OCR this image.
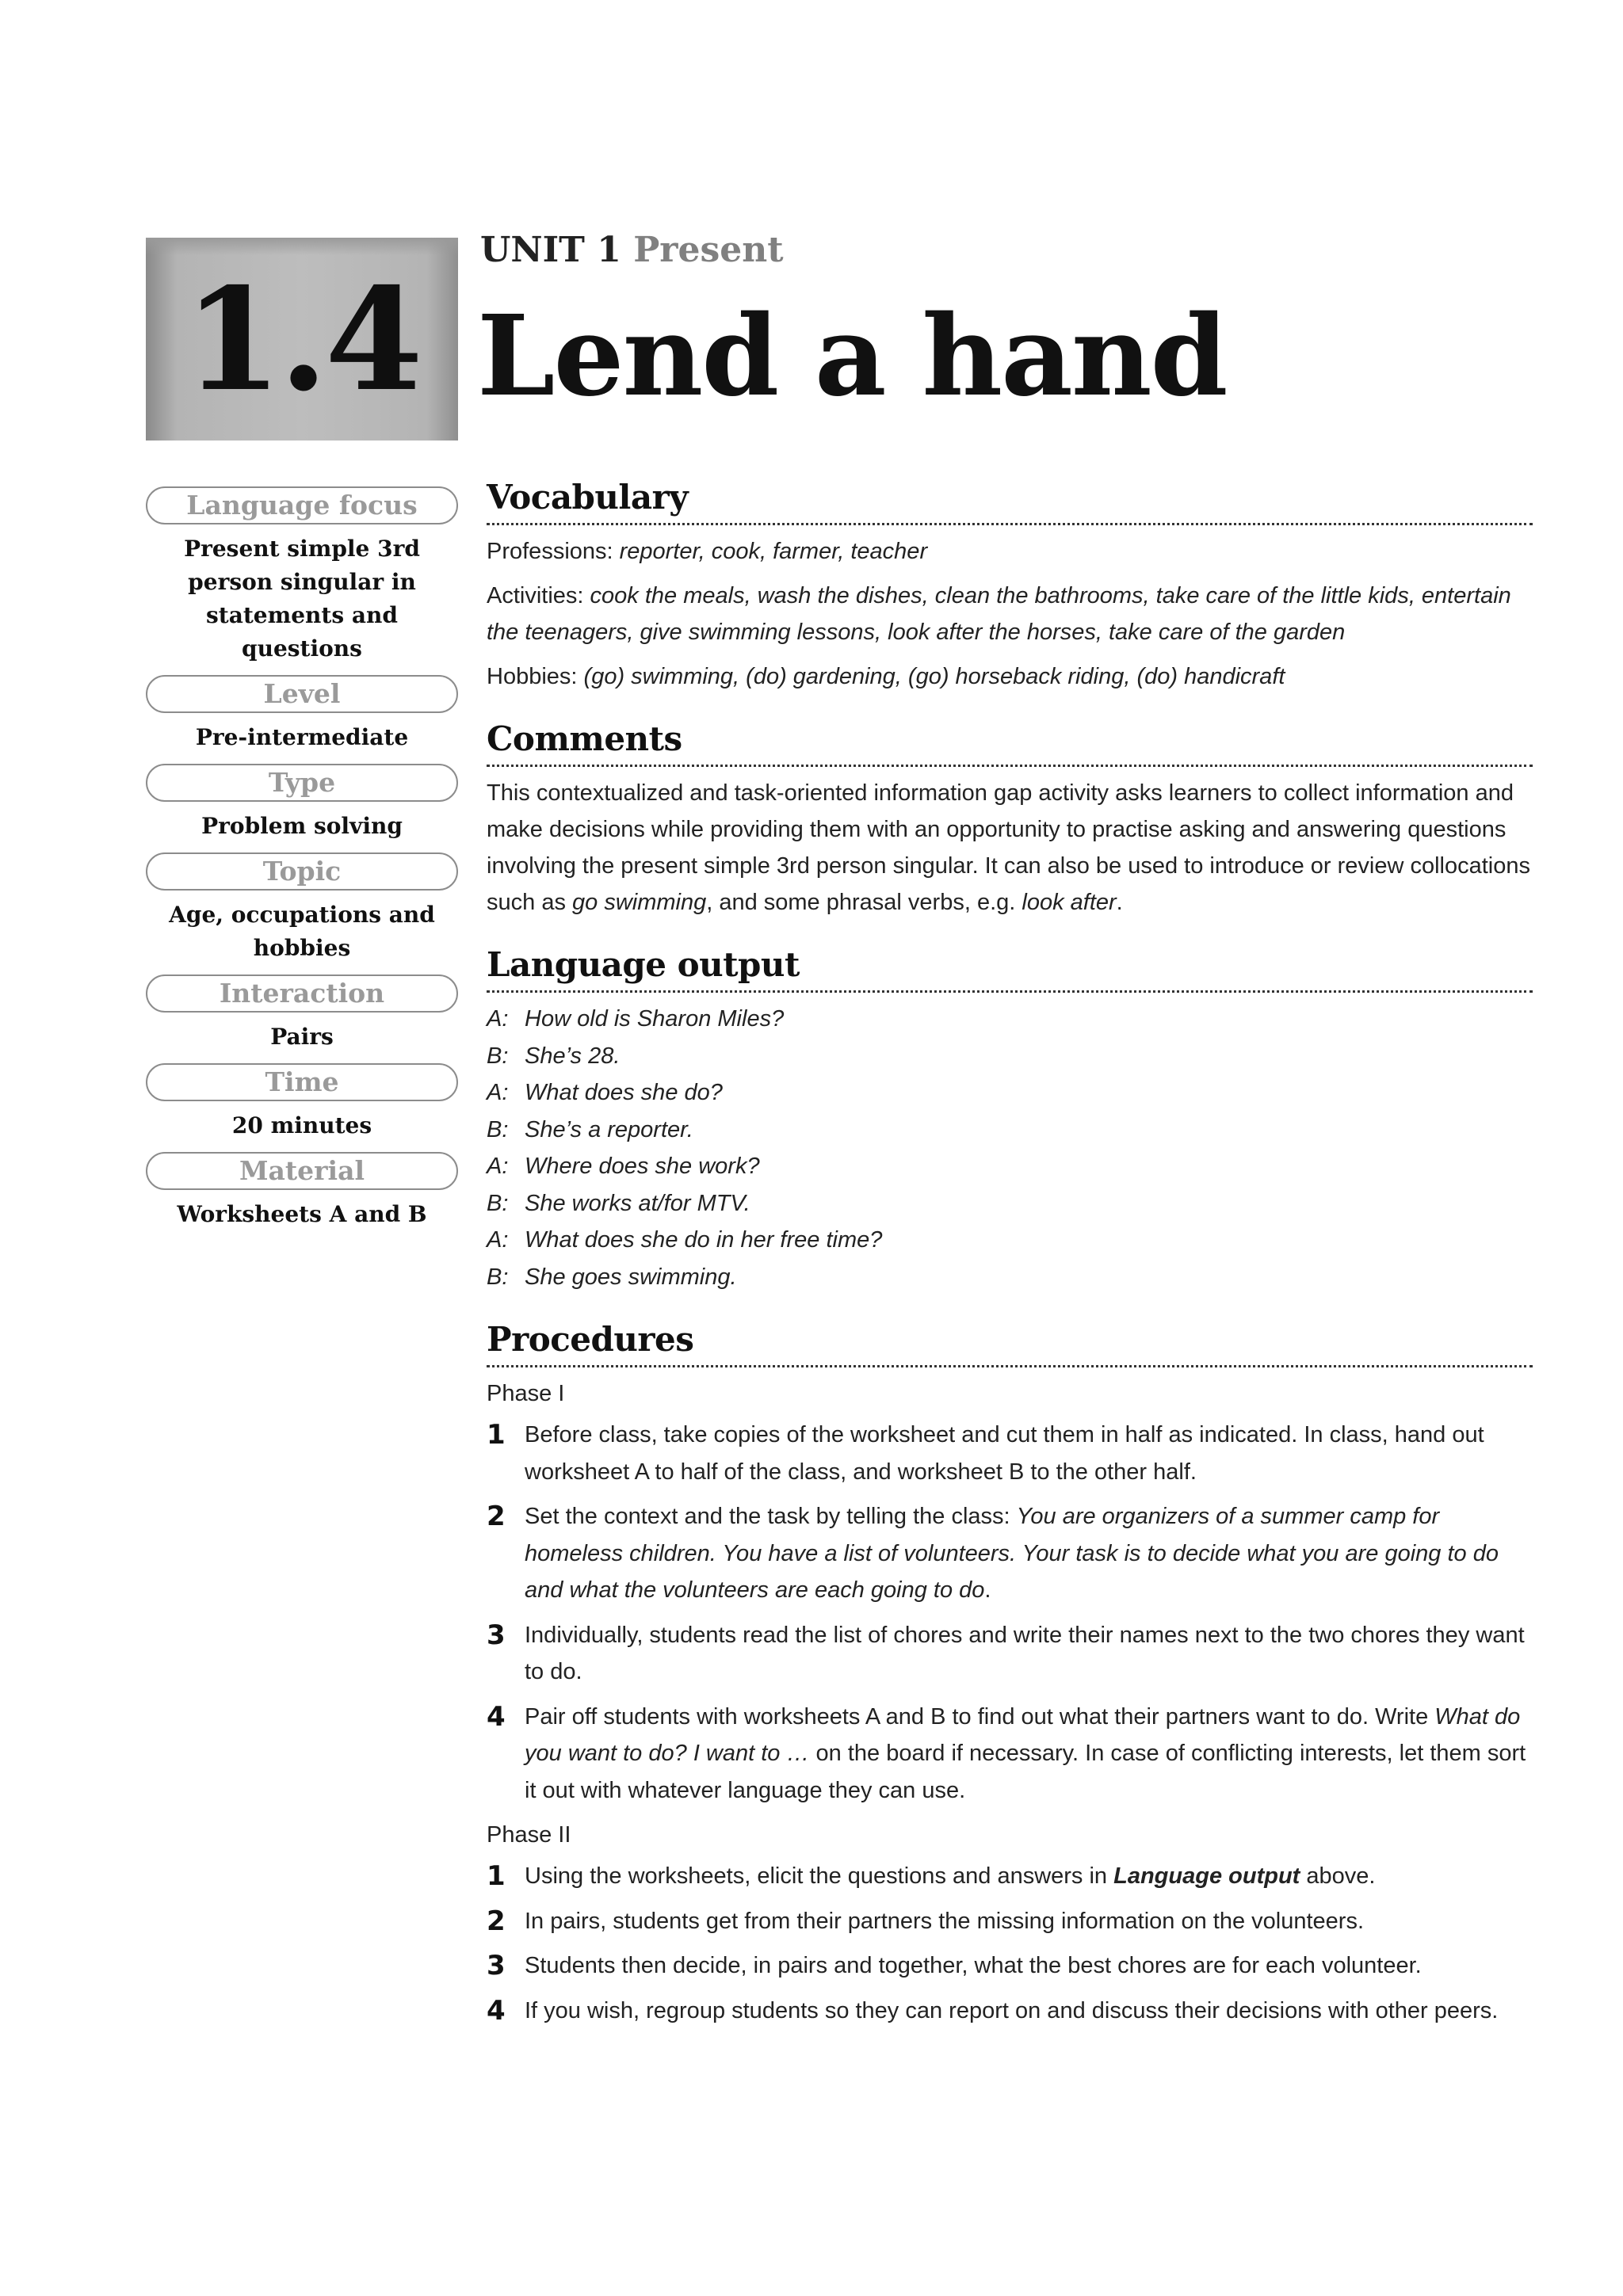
1.4
UNIT 1 Present
Lend a hand
Language focus
Present simple 3rd person singular in statements and questions
Level
Pre-intermediate
Type
Problem solving
Topic
Age, occupations and hobbies
Interaction
Pairs
Time
20 minutes
Material
Worksheets A and B
Vocabulary

Professions: reporter, cook, farmer, teacher

Activities: cook the meals, wash the dishes, clean the bathrooms, take care of the little kids, entertain the teenagers, give swimming lessons, look after the horses, take care of the garden

Hobbies: (go) swimming, (do) gardening, (go) horseback riding, (do) handicraft

Comments

This contextualized and task-oriented information gap activity asks learners to collect information and make decisions while providing them with an opportunity to practise asking and answering questions involving the present simple 3rd person singular. It can also be used to introduce or review collocations such as go swimming, and some phrasal verbs, e.g. look after.

Language output
A: How old is Sharon Miles?
B: She’s 28.
A: What does she do?
B: She’s a reporter.
A: Where does she work?
B: She works at/for MTV.
A: What does she do in her free time?
B: She goes swimming.
Procedures
Phase I
1 Before class, take copies of the worksheet and cut them in half as indicated. In class, hand out worksheet A to half of the class, and worksheet B to the other half.
2 Set the context and the task by telling the class: You are organizers of a summer camp for homeless children. You have a list of volunteers. Your task is to decide what you are going to do and what the volunteers are each going to do.
3 Individually, students read the list of chores and write their names next to the two chores they want to do.
4 Pair off students with worksheets A and B to find out what their partners want to do. Write What do you want to do? I want to … on the board if necessary. In case of conflicting interests, let them sort it out with whatever language they can use.
Phase II
1 Using the worksheets, elicit the questions and answers in Language output above.
2 In pairs, students get from their partners the missing information on the volunteers.
3 Students then decide, in pairs and together, what the best chores are for each volunteer.
4 If you wish, regroup students so they can report on and discuss their decisions with other peers.
